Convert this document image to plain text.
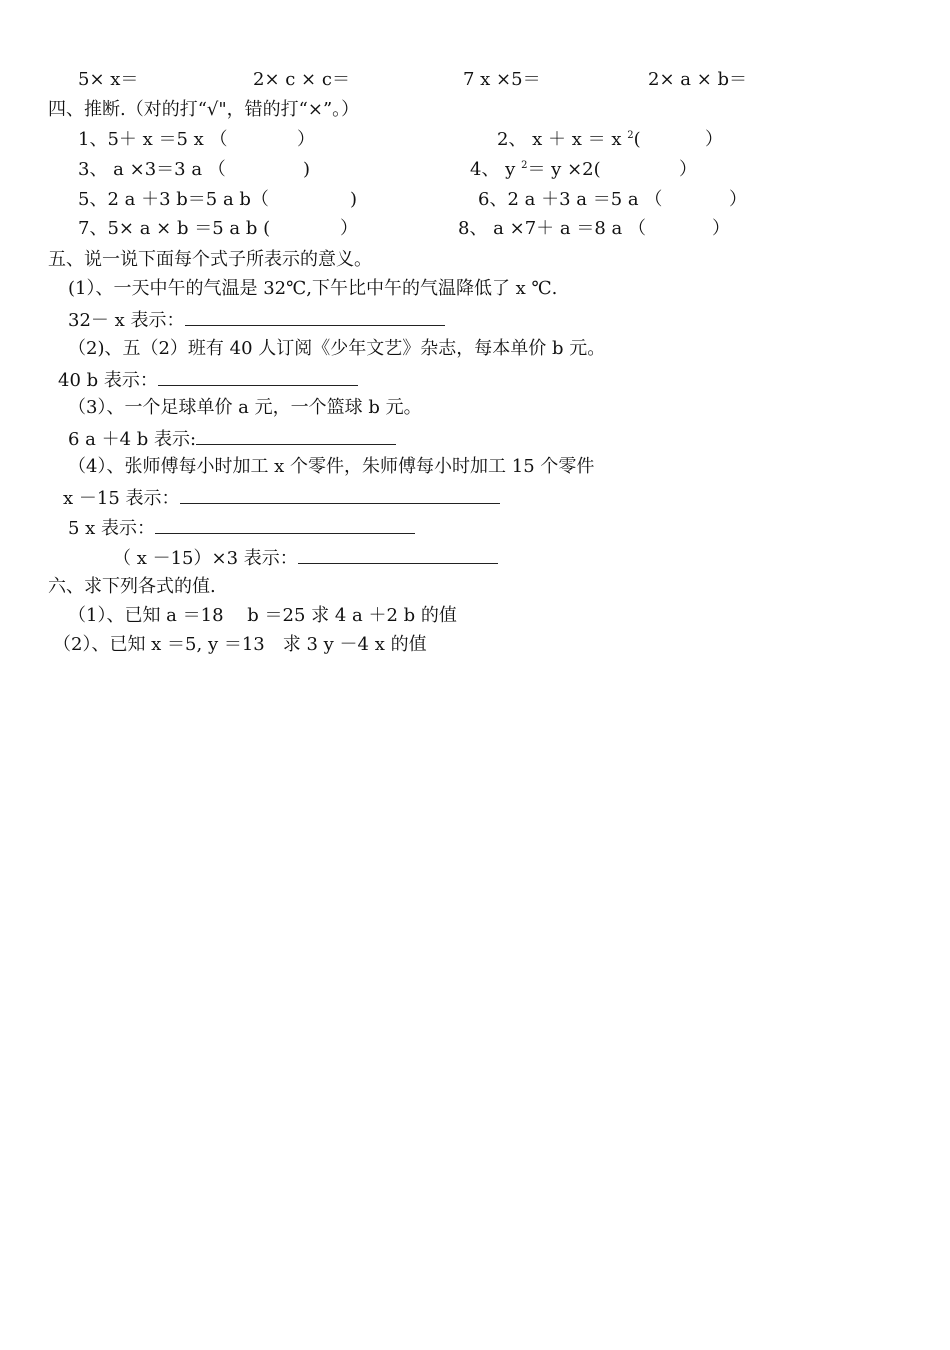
5× x＝	2× c × c＝	7 x ×5＝	2× a × b＝
四、推断.（对的打“√"，错的打“×”。）
1、5＋ x ＝5 x （	）	2、 x ＋ x ＝ x $^2$(	）
3、 a ×3＝3 a （	)	4、 y $^2$＝ y ×2(	）
5、2 a ＋3 b＝5 a b（	)	6、2 a ＋3 a ＝5 a （	）
7、5× a × b ＝5 a b (	）	8、 a ×7＋ a ＝8 a （	）
五、说一说下面每个式子所表示的意义。
(1）、一天中午的气温是 32℃,下午比中午的气温降低了 x ℃.
32－ x 表示：
（2)、五（2）班有 40 人订阅《少年文艺》杂志，每本单价 b 元。
40 b 表示：
（3）、一个足球单价 a 元，一个篮球 b 元。
6 a ＋4 b 表示:
（4）、张师傅每小时加工 x 个零件，朱师傅每小时加工 15 个零件
x －15 表示：
5 x 表示：
（ x －15）×3 表示：
六、求下列各式的值.
（1）、已知 a ＝18　 b ＝25 求 4 a ＋2 b 的值
（2）、已知 x ＝5, y ＝13　求 3 y －4 x 的值
